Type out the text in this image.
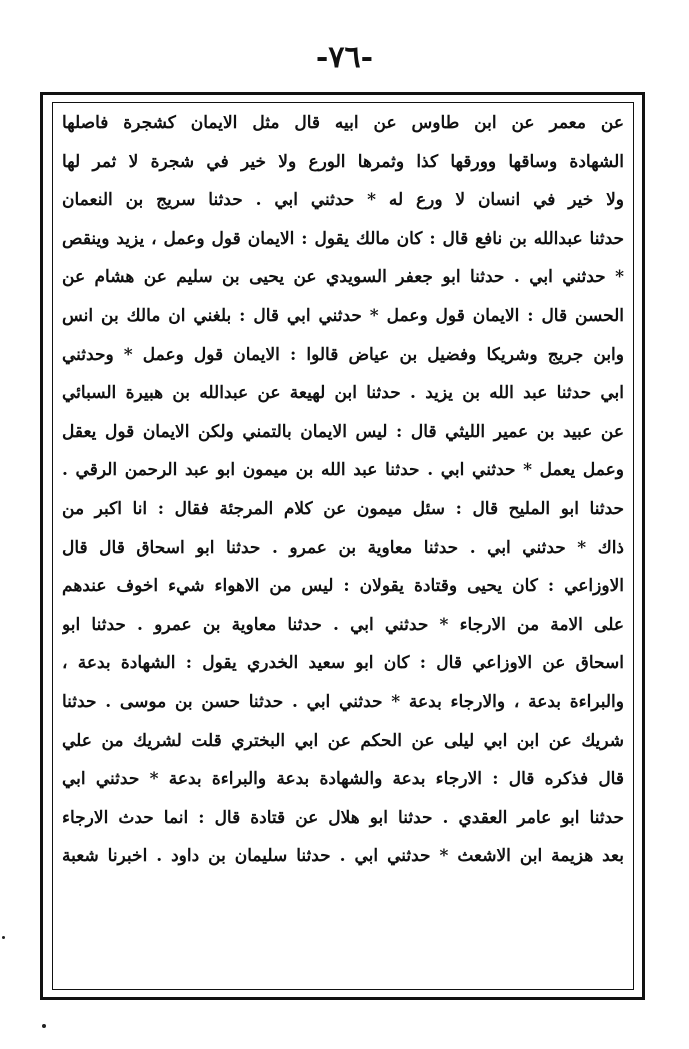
-٧٦-
عن معمر عن ابن طاوس عن ابيه قال مثل الايمان كشجرة فاصلها
الشهادة وساقها وورقها كذا وثمرها الورع ولا خير في شجرة لا ثمر لها
ولا خير في انسان لا ورع له * حدثني ابي . حدثنا سريج بن النعمان
حدثنا عبدالله بن نافع قال : كان مالك يقول : الايمان قول وعمل ، يزيد وينقص
* حدثني ابي . حدثنا ابو جعفر السويدي عن يحيى بن سليم عن هشام عن
الحسن قال : الايمان قول وعمل * حدثني ابي قال : بلغني ان مالك بن انس
وابن جريج وشريكا وفضيل بن عياض قالوا : الايمان قول وعمل * وحدثني
ابي حدثنا عبد الله بن يزيد . حدثنا ابن لهيعة عن عبدالله بن هبيرة السبائي
عن عبيد بن عمير الليثي قال : ليس الايمان بالتمني ولكن الايمان قول يعقل
وعمل يعمل * حدثني ابي . حدثنا عبد الله بن ميمون ابو عبد الرحمن الرقي .
حدثنا ابو المليح قال : سئل ميمون عن كلام المرجئة فقال : انا اكبر من
ذاك * حدثني ابي . حدثنا معاوية بن عمرو . حدثنا ابو اسحاق قال قال
الاوزاعي : كان يحيى وقتادة يقولان : ليس من الاهواء شيء اخوف عندهم
على الامة من الارجاء * حدثني ابي . حدثنا معاوية بن عمرو . حدثنا ابو
اسحاق عن الاوزاعي قال : كان ابو سعيد الخدري يقول : الشهادة بدعة ،
والبراءة بدعة ، والارجاء بدعة * حدثني ابي . حدثنا حسن بن موسى . حدثنا
شريك عن ابن ابي ليلى عن الحكم عن ابي البختري قلت لشريك من علي
قال فذكره قال : الارجاء بدعة والشهادة بدعة والبراءة بدعة * حدثني ابي
حدثنا ابو عامر العقدي . حدثنا ابو هلال عن قتادة قال : انما حدث الارجاء
بعد هزيمة ابن الاشعث * حدثني ابي . حدثنا سليمان بن داود . اخبرنا شعبة
